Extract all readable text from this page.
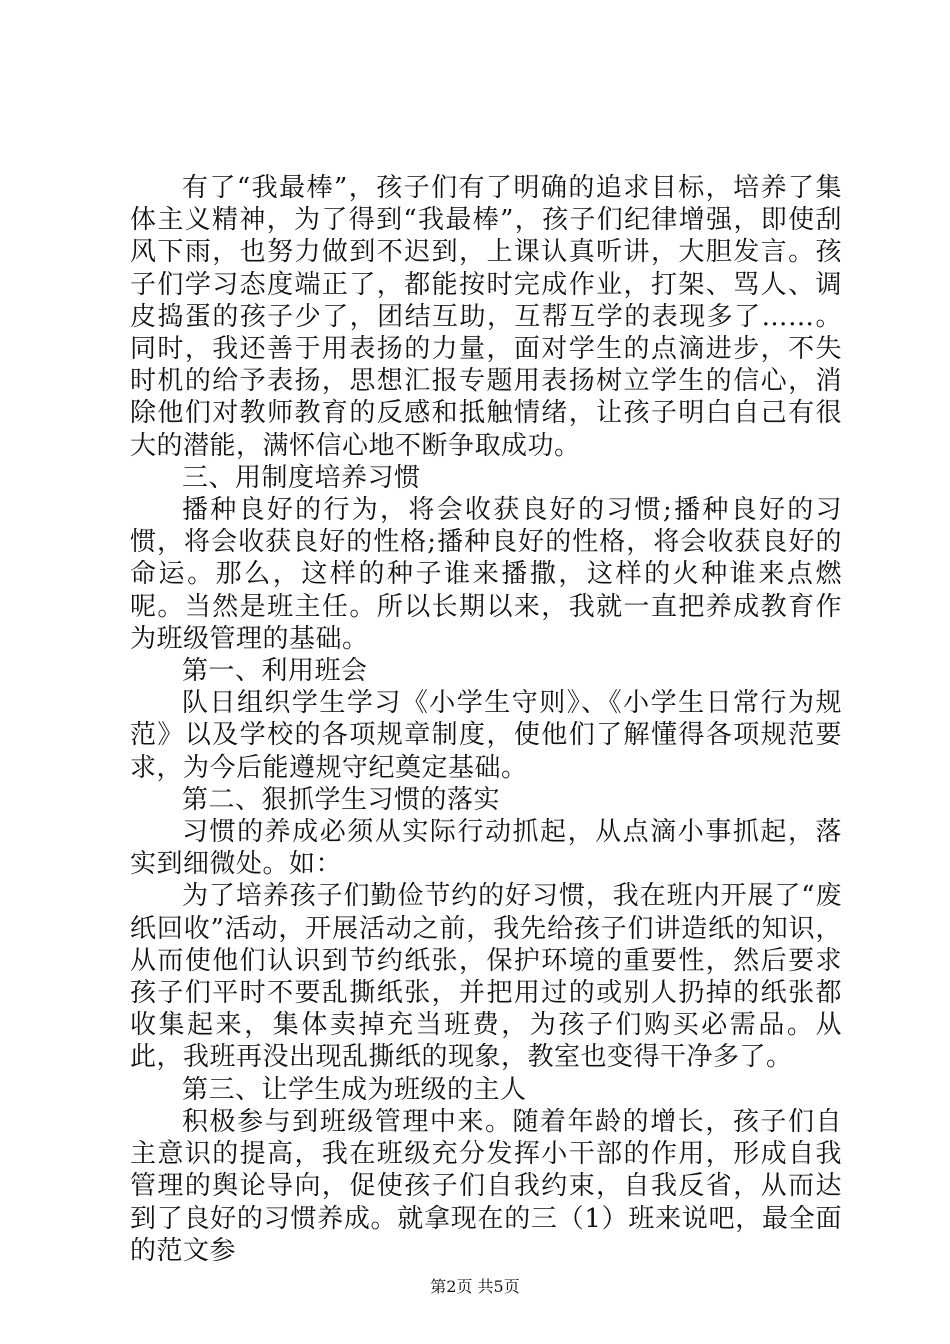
有了“我最棒”，孩子们有了明确的追求目标，培养了集体主义精神，为了得到“我最棒”，孩子们纪律增强，即使刮风下雨，也努力做到不迟到，上课认真听讲，大胆发言。孩子们学习态度端正了，都能按时完成作业，打架、骂人、调皮捣蛋的孩子少了，团结互助，互帮互学的表现多了……。同时，我还善于用表扬的力量，面对学生的点滴进步，不失时机的给予表扬，思想汇报专题用表扬树立学生的信心，消除他们对教师教育的反感和抵触情绪，让孩子明白自己有很大的潜能，满怀信心地不断争取成功。

三、用制度培养习惯

播种良好的行为，将会收获良好的习惯;播种良好的习惯，将会收获良好的性格;播种良好的性格，将会收获良好的命运。那么，这样的种子谁来播撒，这样的火种谁来点燃呢。当然是班主任。所以长期以来，我就一直把养成教育作为班级管理的基础。

第一、利用班会

队日组织学生学习《小学生守则》、《小学生日常行为规范》以及学校的各项规章制度，使他们了解懂得各项规范要求，为今后能遵规守纪奠定基础。

第二、狠抓学生习惯的落实

习惯的养成必须从实际行动抓起，从点滴小事抓起，落实到细微处。如：

为了培养孩子们勤俭节约的好习惯，我在班内开展了“废纸回收”活动，开展活动之前，我先给孩子们讲造纸的知识，从而使他们认识到节约纸张，保护环境的重要性，然后要求孩子们平时不要乱撕纸张，并把用过的或别人扔掉的纸张都收集起来，集体卖掉充当班费，为孩子们购买必需品。从此，我班再没出现乱撕纸的现象，教室也变得干净多了。

第三、让学生成为班级的主人

积极参与到班级管理中来。随着年龄的增长，孩子们自主意识的提高，我在班级充分发挥小干部的作用，形成自我管理的舆论导向，促使孩子们自我约束，自我反省，从而达到了良好的习惯养成。就拿现在的三（1）班来说吧，最全面的范文参

第2页 共5页
